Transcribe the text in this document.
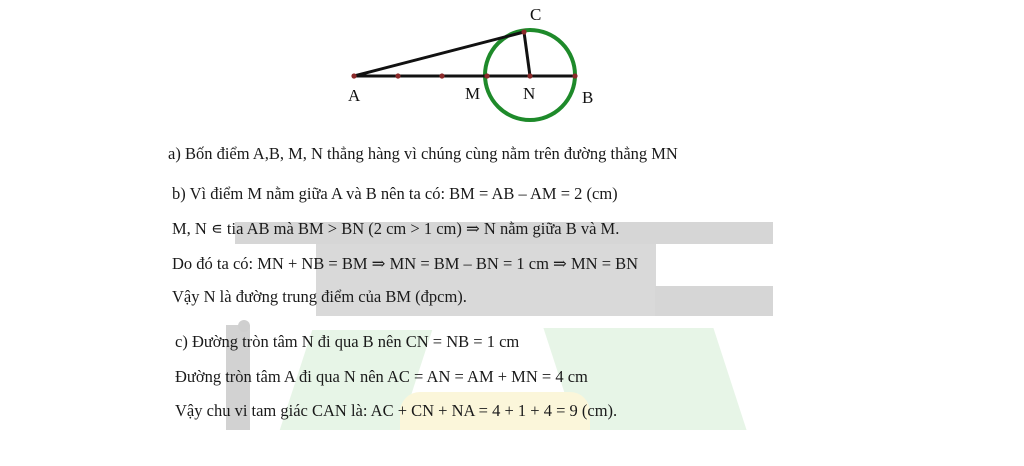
A	M	N	B
C
a) Bốn điểm A,B, M, N thẳng hàng vì chúng cùng nằm trên đường thẳng MN
b) Vì điểm M nằm giữa A và B nên ta có: BM = AB – AM = 2 (cm)
M, N ∊ tia AB mà BM > BN (2 cm > 1 cm) ⇒ N nằm giữa B và M.
Do đó ta có: MN + NB = BM ⇒ MN = BM – BN = 1 cm ⇒ MN = BN
Vậy N là đường trung điểm của BM (đpcm).
c) Đường tròn tâm N đi qua B nên CN = NB = 1 cm
Đường tròn tâm A đi qua N nên AC = AN = AM + MN = 4 cm
Vậy chu vi tam giác CAN là: AC + CN + NA = 4 + 1 + 4 = 9 (cm).
